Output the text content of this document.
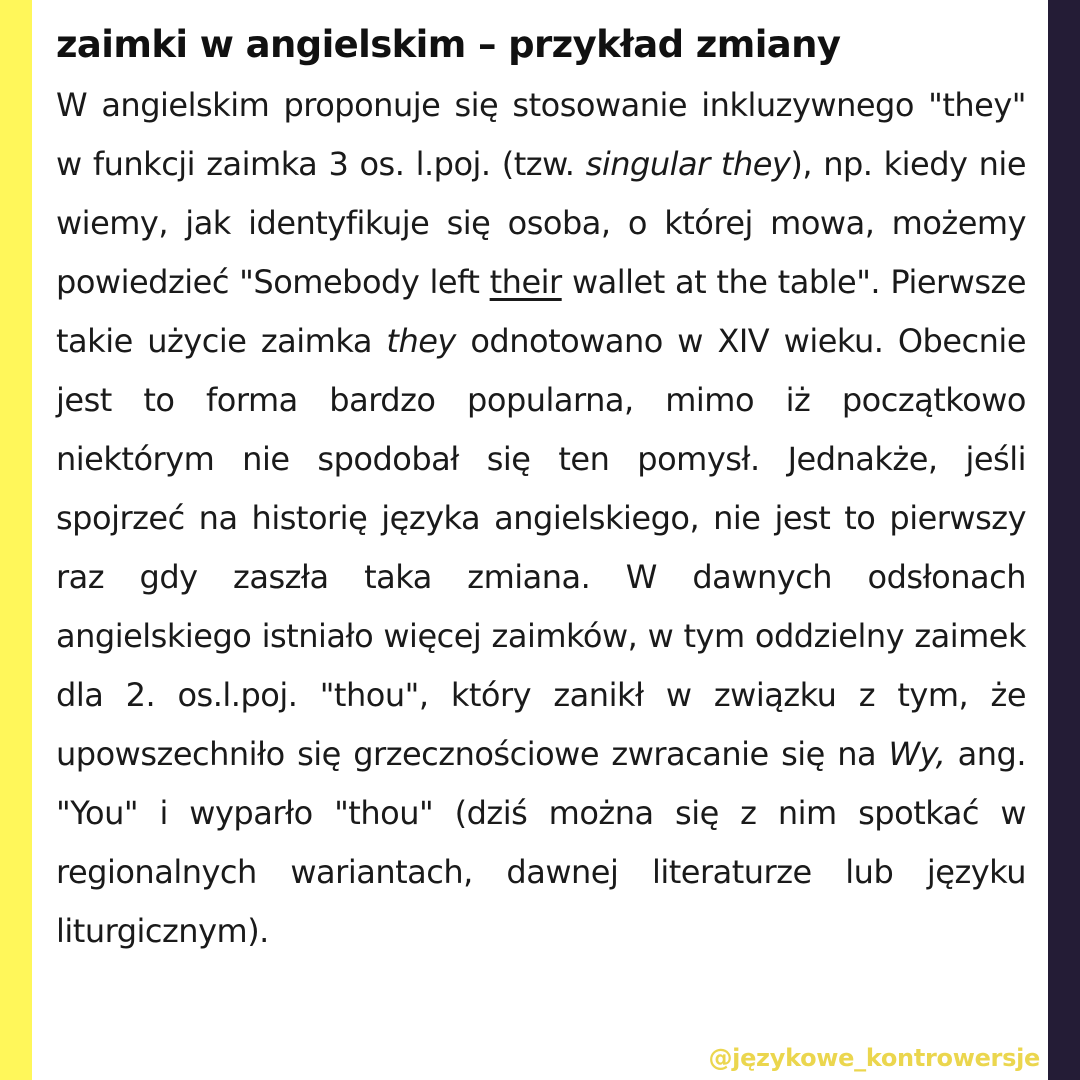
zaimki w angielskim – przykład zmiany

W angielskim proponuje się stosowanie inkluzywnego "they" w funkcji zaimka 3 os. l.poj. (tzw. singular they), np. kiedy nie wiemy, jak identyfikuje się osoba, o której mowa, możemy powiedzieć "Somebody left their wallet at the table". Pierwsze takie użycie zaimka they odnotowano w XIV wieku. Obecnie jest to forma bardzo popularna, mimo iż początkowo niektórym nie spodobał się ten pomysł. Jednakże, jeśli spojrzeć na historię języka angielskiego, nie jest to pierwszy raz gdy zaszła taka zmiana. W dawnych odsłonach angielskiego istniało więcej zaimków, w tym oddzielny zaimek dla 2. os.l.poj. "thou", który zanikł w związku z tym, że upowszechniło się grzecznościowe zwracanie się na Wy, ang. "You" i wyparło "thou" (dziś można się z nim spotkać w regionalnych wariantach, dawnej literaturze lub języku liturgicznym).

@językowe_kontrowersje
